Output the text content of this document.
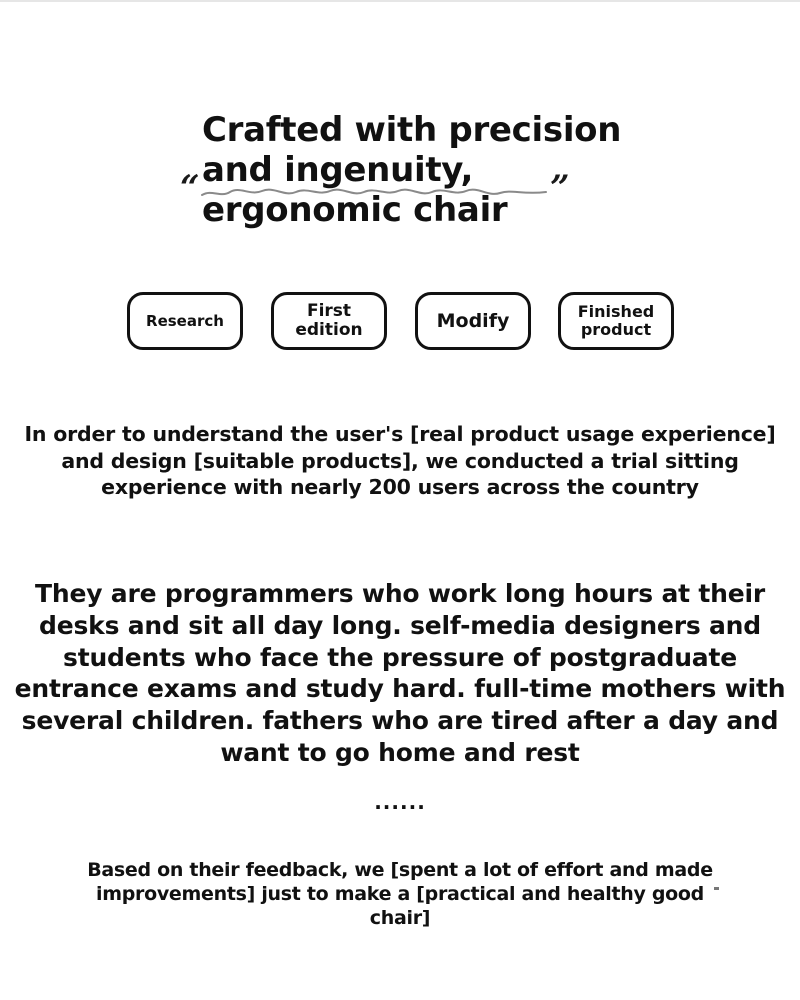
“
Crafted with precision
and ingenuity,
ergonomic chair
”
Research	First
edition	Modify	Finished
product
In order to understand the user's [real product usage experience] and design [suitable products], we conducted a trial sitting experience with nearly 200 users across the country
They are programmers who work long hours at their desks and sit all day long. self-media designers and students who face the pressure of postgraduate entrance exams and study hard. full-time mothers with several children. fathers who are tired after a day and want to go home and rest
......
Based on their feedback, we [spent a lot of effort and made improvements] just to make a [practical and healthy good chair]
